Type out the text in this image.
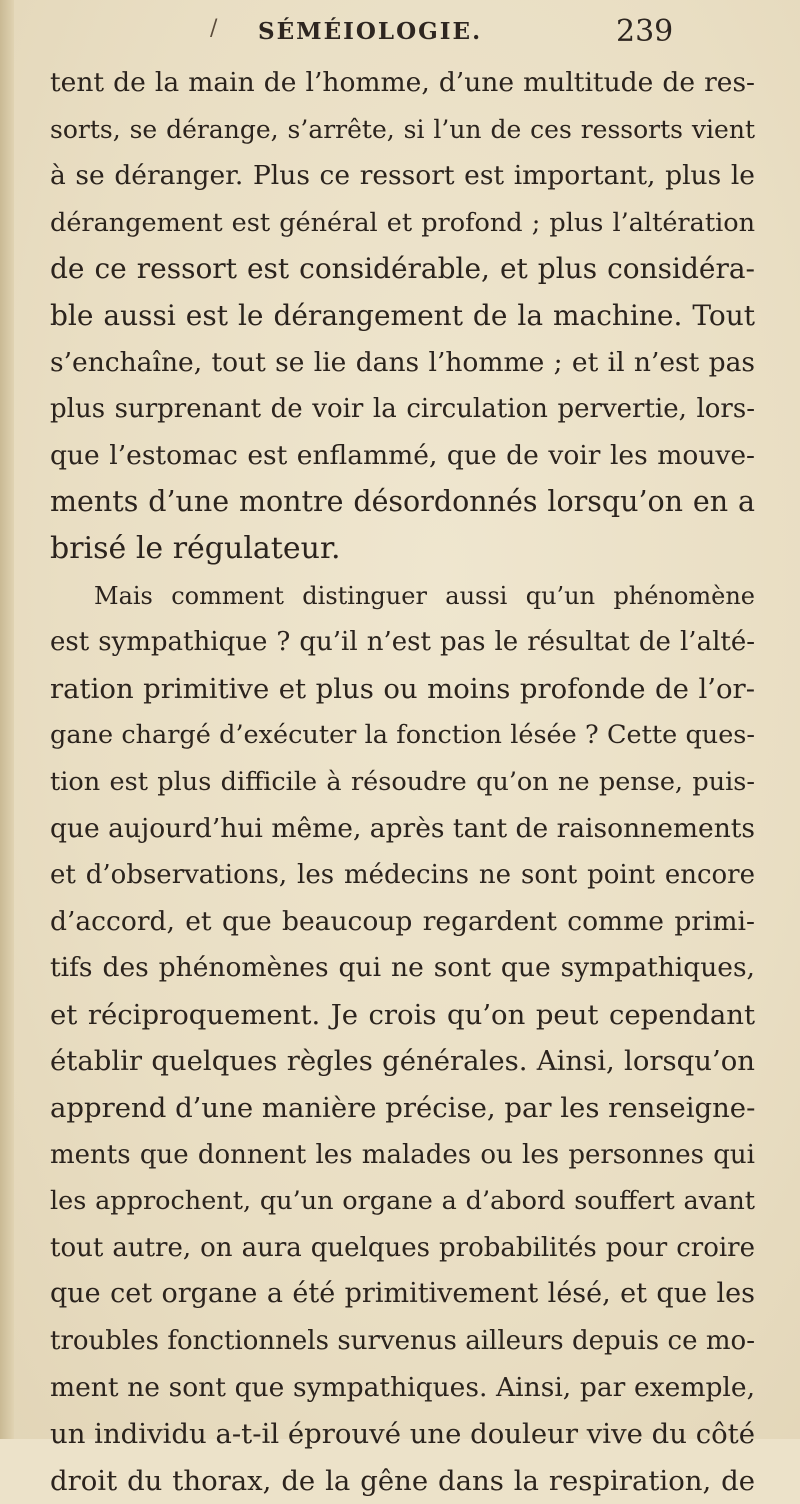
/ SÉMÉIOLOGIE.	239
tent de la main de l’homme, d’une multitude de res-
sorts, se dérange, s’arrête, si l’un de ces ressorts vient
à se déranger. Plus ce ressort est important, plus le
dérangement est général et profond ; plus l’altération
de ce ressort est considérable, et plus considéra-
ble aussi est le dérangement de la machine. Tout
s’enchaîne, tout se lie dans l’homme ; et il n’est pas
plus surprenant de voir la circulation pervertie, lors-
que l’estomac est enflammé, que de voir les mouve-
ments d’une montre désordonnés lorsqu’on en a
brisé le régulateur.
Mais comment distinguer aussi qu’un phénomène
est sympathique ? qu’il n’est pas le résultat de l’alté-
ration primitive et plus ou moins profonde de l’or-
gane chargé d’exécuter la fonction lésée ? Cette ques-
tion est plus difficile à résoudre qu’on ne pense, puis-
que aujourd’hui même, après tant de raisonnements
et d’observations, les médecins ne sont point encore
d’accord, et que beaucoup regardent comme primi-
tifs des phénomènes qui ne sont que sympathiques,
et réciproquement. Je crois qu’on peut cependant
établir quelques règles générales. Ainsi, lorsqu’on
apprend d’une manière précise, par les renseigne-
ments que donnent les malades ou les personnes qui
les approchent, qu’un organe a d’abord souffert avant
tout autre, on aura quelques probabilités pour croire
que cet organe a été primitivement lésé, et que les
troubles fonctionnels survenus ailleurs depuis ce mo-
ment ne sont que sympathiques. Ainsi, par exemple,
un individu a-t-il éprouvé une douleur vive du côté
droit du thorax, de la gêne dans la respiration, de
